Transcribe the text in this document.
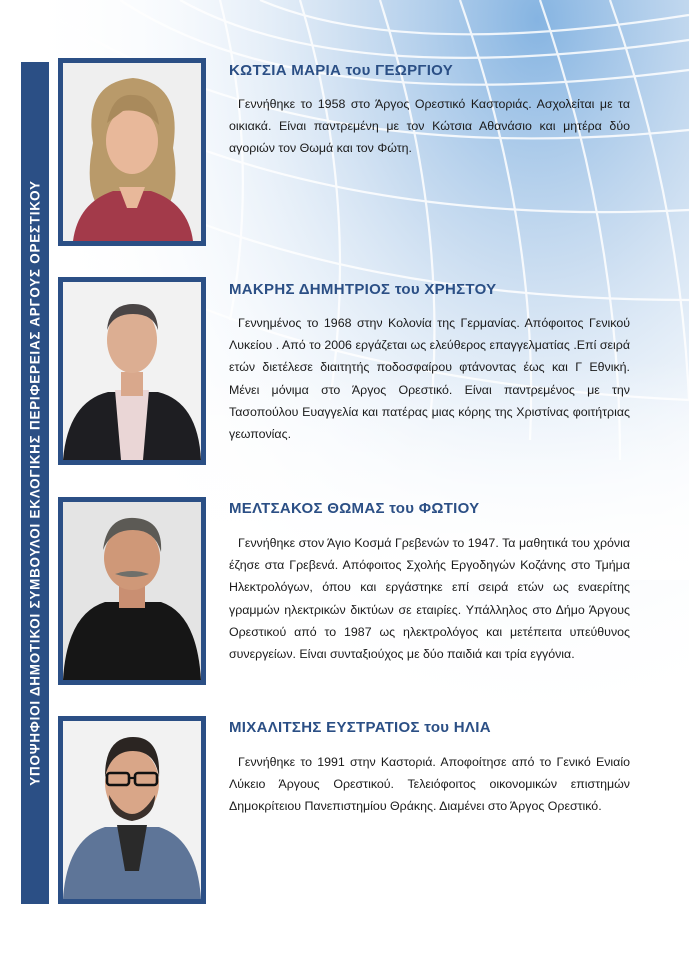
ΥΠΟΨΗΦΙΟΙ ΔΗΜΟΤΙΚΟΙ ΣΥΜΒΟΥΛΟΙ ΕΚΛΟΓΙΚΗΣ ΠΕΡΙΦΕΡΕΙΑΣ ΑΡΓΟΥΣ ΟΡΕΣΤΙΚΟΥ
ΚΩΤΣΙΑ ΜΑΡΙΑ του ΓΕΩΡΓΙΟΥ

Γεννήθηκε το 1958 στο Άργος Ορεστικό Καστοριάς. Ασχολείται με τα οικιακά. Είναι παντρεμένη με τον Κώτσια Αθανάσιο και μητέρα δύο αγοριών τον Θωμά και τον Φώτη.

ΜΑΚΡΗΣ ΔΗΜΗΤΡΙΟΣ του ΧΡΗΣΤΟΥ

Γεννημένος το 1968 στην Κολονία της Γερμανίας. Απόφοιτος Γενικού Λυκείου . Από το 2006 εργάζεται ως ελεύθερος επαγγελματίας .Επί σειρά ετών διετέλεσε διαιτητής ποδοσφαίρου φτάνοντας έως και Γ Εθνική. Μένει μόνιμα στο Άργος Ορεστικό. Είναι παντρεμένος με την Τασοπούλου Ευαγγελία και πατέρας μιας κόρης της Χριστίνας φοιτήτριας γεωπονίας.

ΜΕΛΤΣΑΚΟΣ ΘΩΜΑΣ του ΦΩΤΙΟΥ

Γεννήθηκε στον Άγιο Κοσμά Γρεβενών το 1947. Τα μαθητικά του χρόνια έζησε στα Γρεβενά. Απόφοιτος Σχολής Εργοδηγών Κοζάνης στο Τμήμα Ηλεκτρολόγων, όπου και εργάστηκε επί σειρά ετών ως εναερίτης γραμμών ηλεκτρικών δικτύων σε εταιρίες. Υπάλληλος στο Δήμο Άργους Ορεστικού από το 1987 ως ηλεκτρολόγος και μετέπειτα υπεύθυνος συνεργείων. Είναι συνταξιούχος με δύο παιδιά και τρία εγγόνια.

ΜΙΧΑΛΙΤΣΗΣ ΕΥΣΤΡΑΤΙΟΣ του ΗΛΙΑ

Γεννήθηκε το 1991 στην Καστοριά. Αποφοίτησε από το Γενικό Ενιαίο Λύκειο Άργους Ορεστικού. Τελειόφοιτος οικονομικών επιστημών Δημοκρίτειου Πανεπιστημίου Θράκης. Διαμένει στο Άργος Ορεστικό.
